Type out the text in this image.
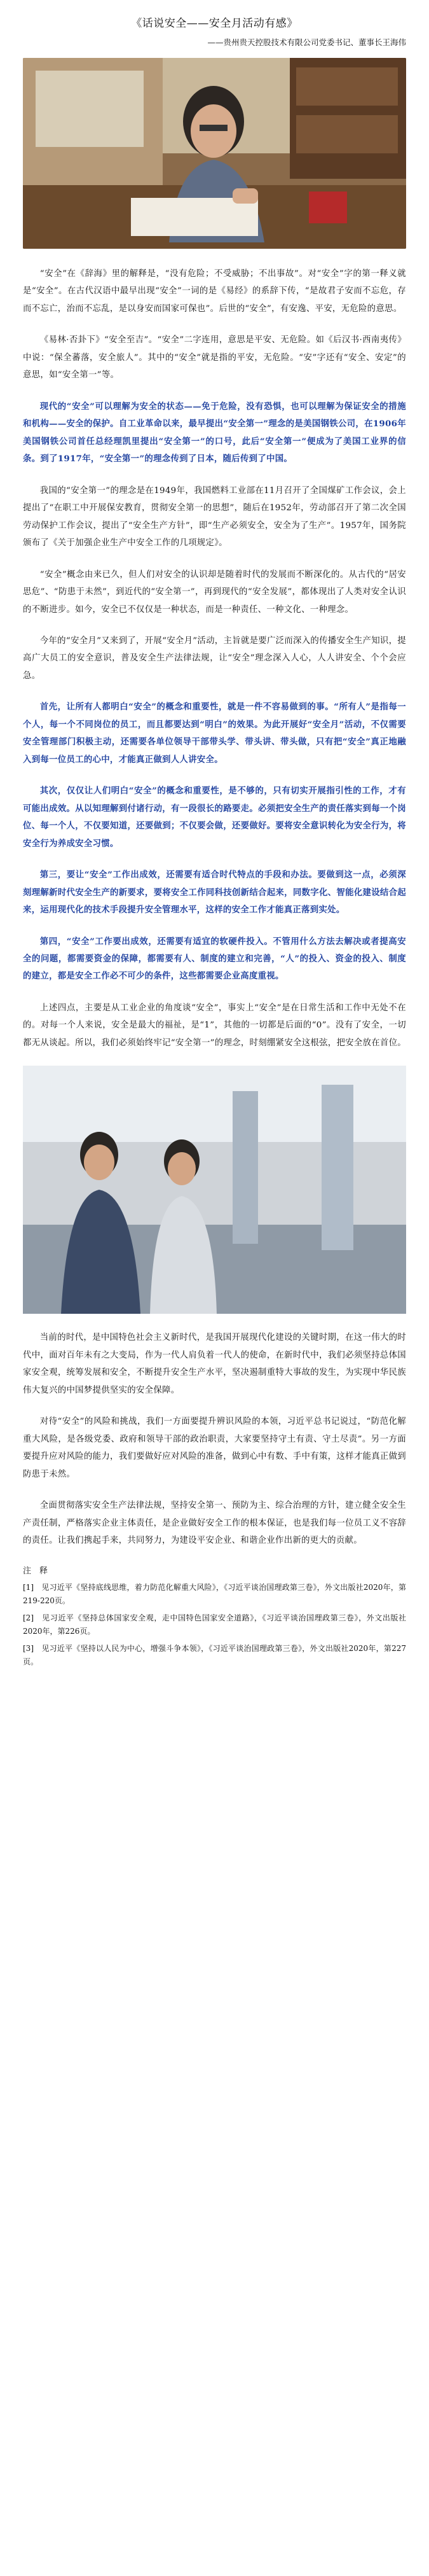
《话说安全——安全月活动有感》
——贵州贵天控股技术有限公司党委书记、董事长王海伟

“安全”在《辞海》里的解释是，“没有危险；不受威胁；不出事故”。对“安全”字的第一释义就是“安全”。在古代汉语中最早出现“安全”一词的是《易经》的系辞下传，“是故君子安而不忘危，存而不忘亡，治而不忘乱，是以身安而国家可保也”。后世的“安全”，有安逸、平安，无危险的意思。

《易林·否卦下》“安全至吉”。“安全”二字连用，意思是平安、无危险。如《后汉书·西南夷传》中说：“保全蕃落，安全旅人”。其中的“安全”就是指的平安，无危险。“安”字还有“安全、安定”的意思，如“安全第一”等。

现代的“安全”可以理解为安全的状态——免于危险，没有恐惧，也可以理解为保证安全的措施和机构——安全的保护。自工业革命以来，最早提出“安全第一”理念的是美国钢铁公司，在1906年美国钢铁公司首任总经理凯里提出“安全第一”的口号，此后“安全第一”便成为了美国工业界的信条。到了1917年，“安全第一”的理念传到了日本，随后传到了中国。

我国的“安全第一”的理念是在1949年，我国燃料工业部在11月召开了全国煤矿工作会议，会上提出了“在职工中开展保安教育，贯彻安全第一的思想”，随后在1952年，劳动部召开了第二次全国劳动保护工作会议，提出了“安全生产方针”，即“生产必须安全，安全为了生产”。1957年，国务院颁布了《关于加强企业生产中安全工作的几项规定》。

“安全”概念由来已久，但人们对安全的认识却是随着时代的发展而不断深化的。从古代的“居安思危”、“防患于未然”，到近代的“安全第一”，再到现代的“安全发展”，都体现出了人类对安全认识的不断进步。如今，安全已不仅仅是一种状态，而是一种责任、一种文化、一种理念。

今年的“安全月”又来到了，开展“安全月”活动，主旨就是要广泛而深入的传播安全生产知识，提高广大员工的安全意识，普及安全生产法律法规，让“安全”理念深入人心，人人讲安全、个个会应急。

首先，让所有人都明白“安全”的概念和重要性，就是一件不容易做到的事。“所有人”是指每一个人，每一个不同岗位的员工，而且都要达到“明白”的效果。为此开展好“安全月”活动，不仅需要安全管理部门积极主动，还需要各单位领导干部带头学、带头讲、带头做，只有把“安全”真正地融入到每一位员工的心中，才能真正做到人人讲安全。

其次，仅仅让人们明白“安全”的概念和重要性，是不够的，只有切实开展指引性的工作，才有可能出成效。从以知理解到付诸行动，有一段很长的路要走。必须把安全生产的责任落实到每一个岗位、每一个人，不仅要知道，还要做到；不仅要会做，还要做好。要将安全意识转化为安全行为，将安全行为养成安全习惯。

第三，要让“安全”工作出成效，还需要有适合时代特点的手段和办法。要做到这一点，必须深刻理解新时代安全生产的新要求，要将安全工作同科技创新结合起来，同数字化、智能化建设结合起来，运用现代化的技术手段提升安全管理水平，这样的安全工作才能真正落到实处。

第四，“安全”工作要出成效，还需要有适宜的软硬件投入。不管用什么方法去解决或者提高安全的问题，都需要资金的保障，都需要有人、制度的建立和完善，“人”的投入、资金的投入、制度的建立，都是安全工作必不可少的条件，这些都需要企业高度重视。

上述四点，主要是从工业企业的角度谈“安全”，事实上“安全”是在日常生活和工作中无处不在的。对每一个人来说，安全是最大的福祉，是“1”，其他的一切都是后面的“0”。没有了安全，一切都无从谈起。所以，我们必须始终牢记“安全第一”的理念，时刻绷紧安全这根弦，把安全放在首位。

当前的时代，是中国特色社会主义新时代，是我国开展现代化建设的关键时期，在这一伟大的时代中，面对百年未有之大变局，作为一代人肩负着一代人的使命，在新时代中，我们必须坚持总体国家安全观，统筹发展和安全，不断提升安全生产水平，坚决遏制重特大事故的发生，为实现中华民族伟大复兴的中国梦提供坚实的安全保障。

对待“安全”的风险和挑战，我们一方面要提升辨识风险的本领，习近平总书记说过，“防范化解重大风险，是各级党委、政府和领导干部的政治职责，大家要坚持守土有责、守土尽责”。另一方面要提升应对风险的能力，我们要做好应对风险的准备，做到心中有数、手中有策，这样才能真正做到防患于未然。

全面贯彻落实安全生产法律法规，坚持安全第一、预防为主、综合治理的方针，建立健全安全生产责任制，严格落实企业主体责任，是企业做好安全工作的根本保证，也是我们每一位员工义不容辞的责任。让我们携起手来，共同努力，为建设平安企业、和谐企业作出新的更大的贡献。

注　释

[1]　见习近平《坚持底线思维，着力防范化解重大风险》，《习近平谈治国理政第三卷》，外文出版社2020年，第219-220页。

[2]　见习近平《坚持总体国家安全观，走中国特色国家安全道路》，《习近平谈治国理政第三卷》，外文出版社2020年，第226页。

[3]　见习近平《坚持以人民为中心，增强斗争本领》，《习近平谈治国理政第三卷》，外文出版社2020年，第227页。
